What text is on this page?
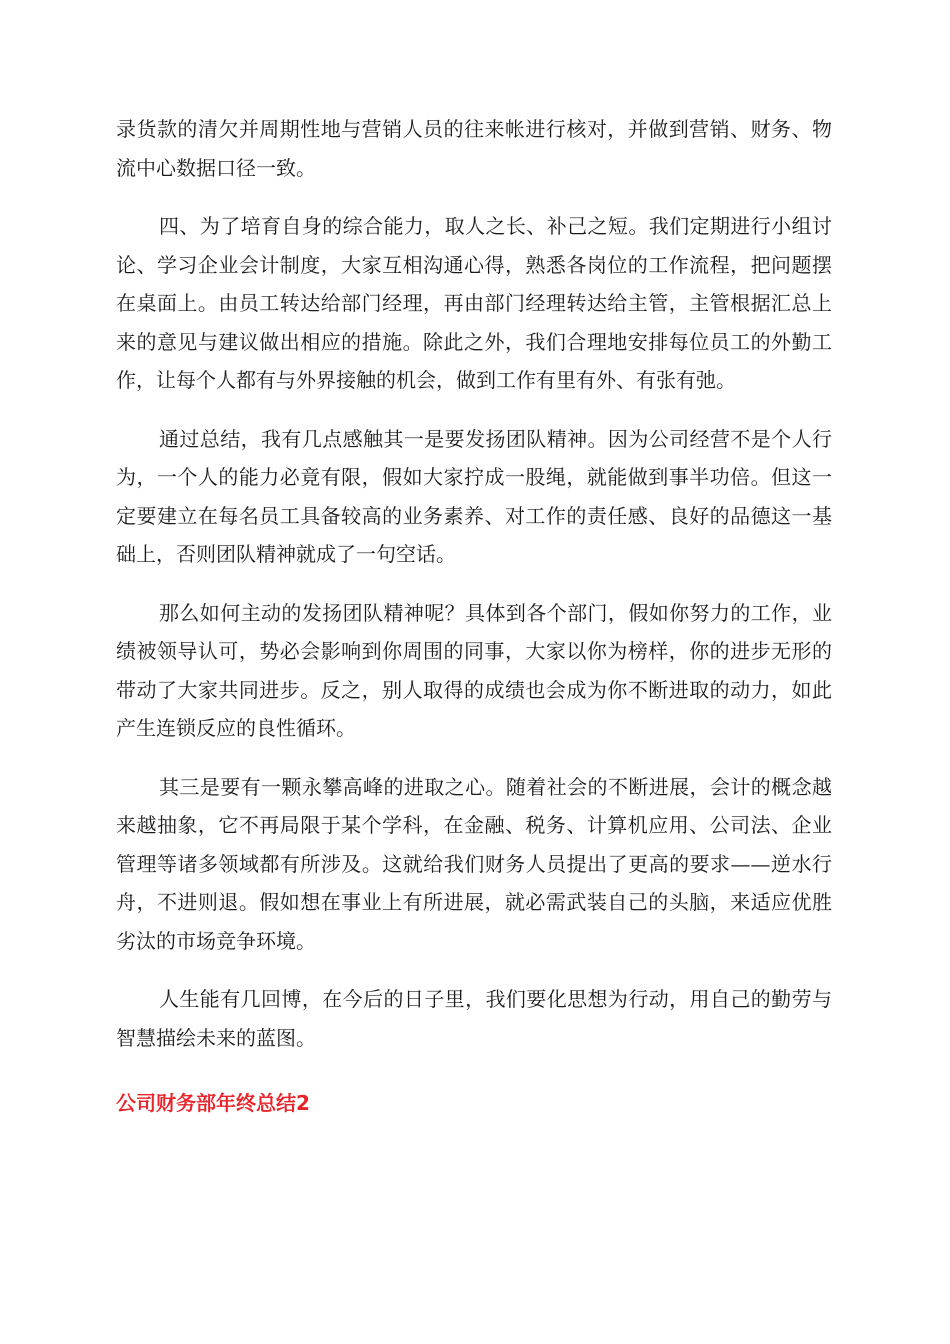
录货款的清欠并周期性地与营销人员的往来帐进行核对，并做到营销、财务、物流中心数据口径一致。

四、为了培育自身的综合能力，取人之长、补己之短。我们定期进行小组讨论、学习企业会计制度，大家互相沟通心得，熟悉各岗位的工作流程，把问题摆在桌面上。由员工转达给部门经理，再由部门经理转达给主管，主管根据汇总上来的意见与建议做出相应的措施。除此之外，我们合理地安排每位员工的外勤工作，让每个人都有与外界接触的机会，做到工作有里有外、有张有弛。

通过总结，我有几点感触其一是要发扬团队精神。因为公司经营不是个人行为，一个人的能力必竟有限，假如大家拧成一股绳，就能做到事半功倍。但这一定要建立在每名员工具备较高的业务素养、对工作的责任感、良好的品德这一基础上，否则团队精神就成了一句空话。

那么如何主动的发扬团队精神呢？具体到各个部门，假如你努力的工作，业绩被领导认可，势必会影响到你周围的同事，大家以你为榜样，你的进步无形的带动了大家共同进步。反之，别人取得的成绩也会成为你不断进取的动力，如此产生连锁反应的良性循环。

其三是要有一颗永攀高峰的进取之心。随着社会的不断进展，会计的概念越来越抽象，它不再局限于某个学科，在金融、税务、计算机应用、公司法、企业管理等诸多领域都有所涉及。这就给我们财务人员提出了更高的要求——逆水行舟，不进则退。假如想在事业上有所进展，就必需武装自己的头脑，来适应优胜劣汰的市场竞争环境。

人生能有几回博，在今后的日子里，我们要化思想为行动，用自己的勤劳与智慧描绘未来的蓝图。

公司财务部年终总结2
